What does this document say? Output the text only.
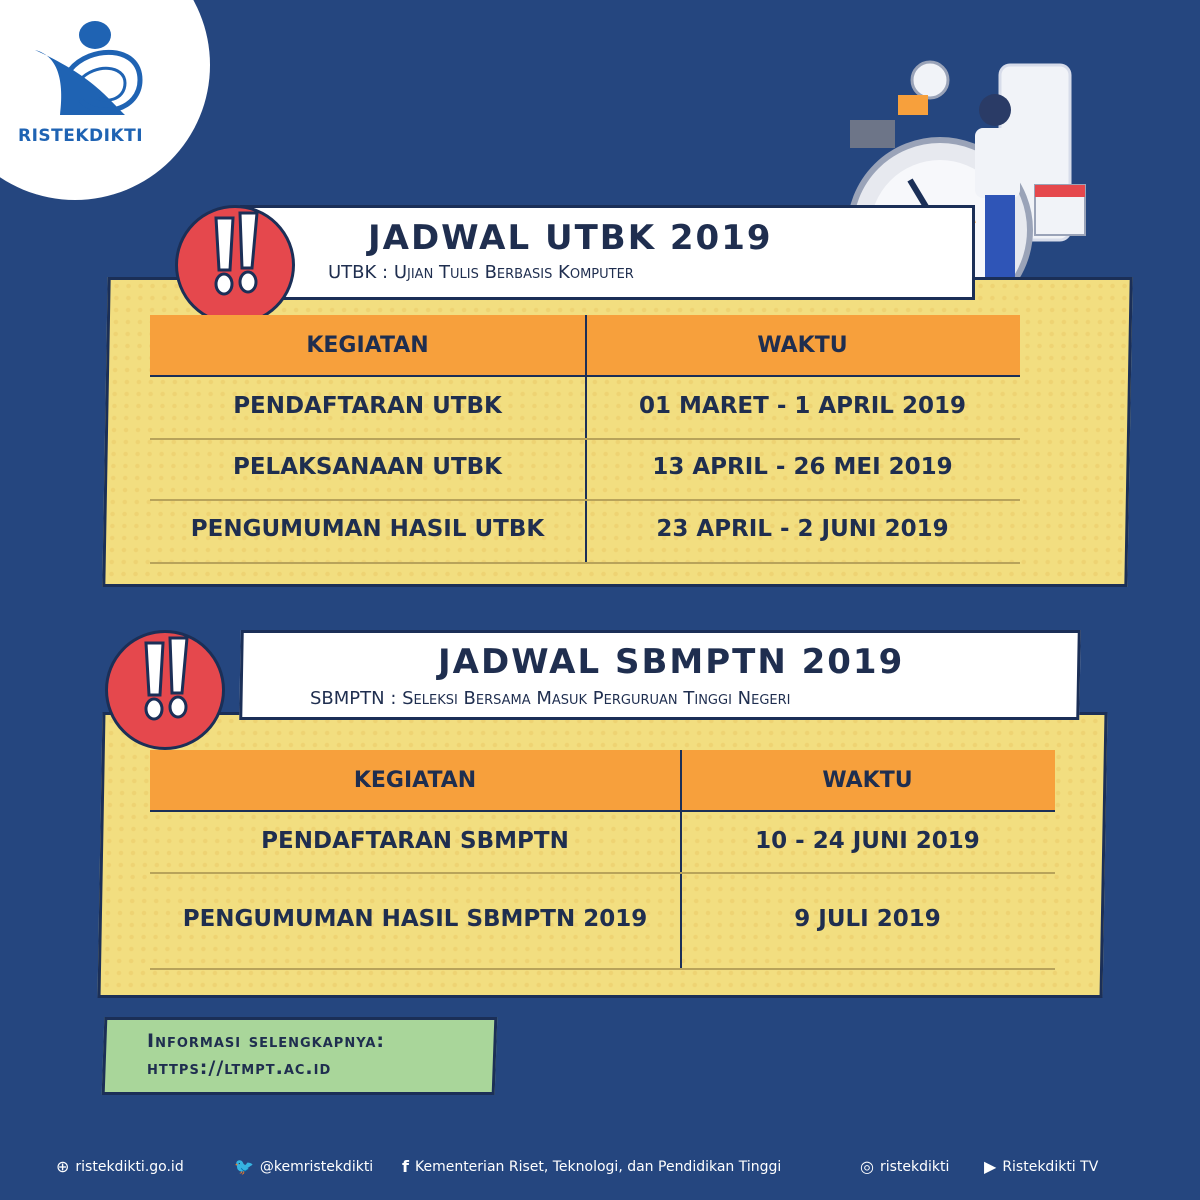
RISTEKDIKTI
JADWAL UTBK 2019
UTBK : Ujian Tulis Berbasis Komputer
KEGIATAN	WAKTU
PENDAFTARAN UTBK	01 MARET - 1 APRIL 2019
PELAKSANAAN UTBK	13 APRIL - 26 MEI 2019
PENGUMUMAN HASIL UTBK	23 APRIL - 2 JUNI 2019
JADWAL SBMPTN 2019
SBMPTN : Seleksi Bersama Masuk Perguruan Tinggi Negeri
KEGIATAN	WAKTU
PENDAFTARAN SBMPTN	10 - 24 JUNI 2019
PENGUMUMAN HASIL SBMPTN 2019	9 JULI 2019
Informasi selengkapnya:
https://ltmpt.ac.id
⊕ ristekdikti.go.id	🐦 @kemristekdikti f Kementerian Riset, Teknologi, dan Pendidikan Tinggi	◎ ristekdikti ▶ Ristekdikti TV
